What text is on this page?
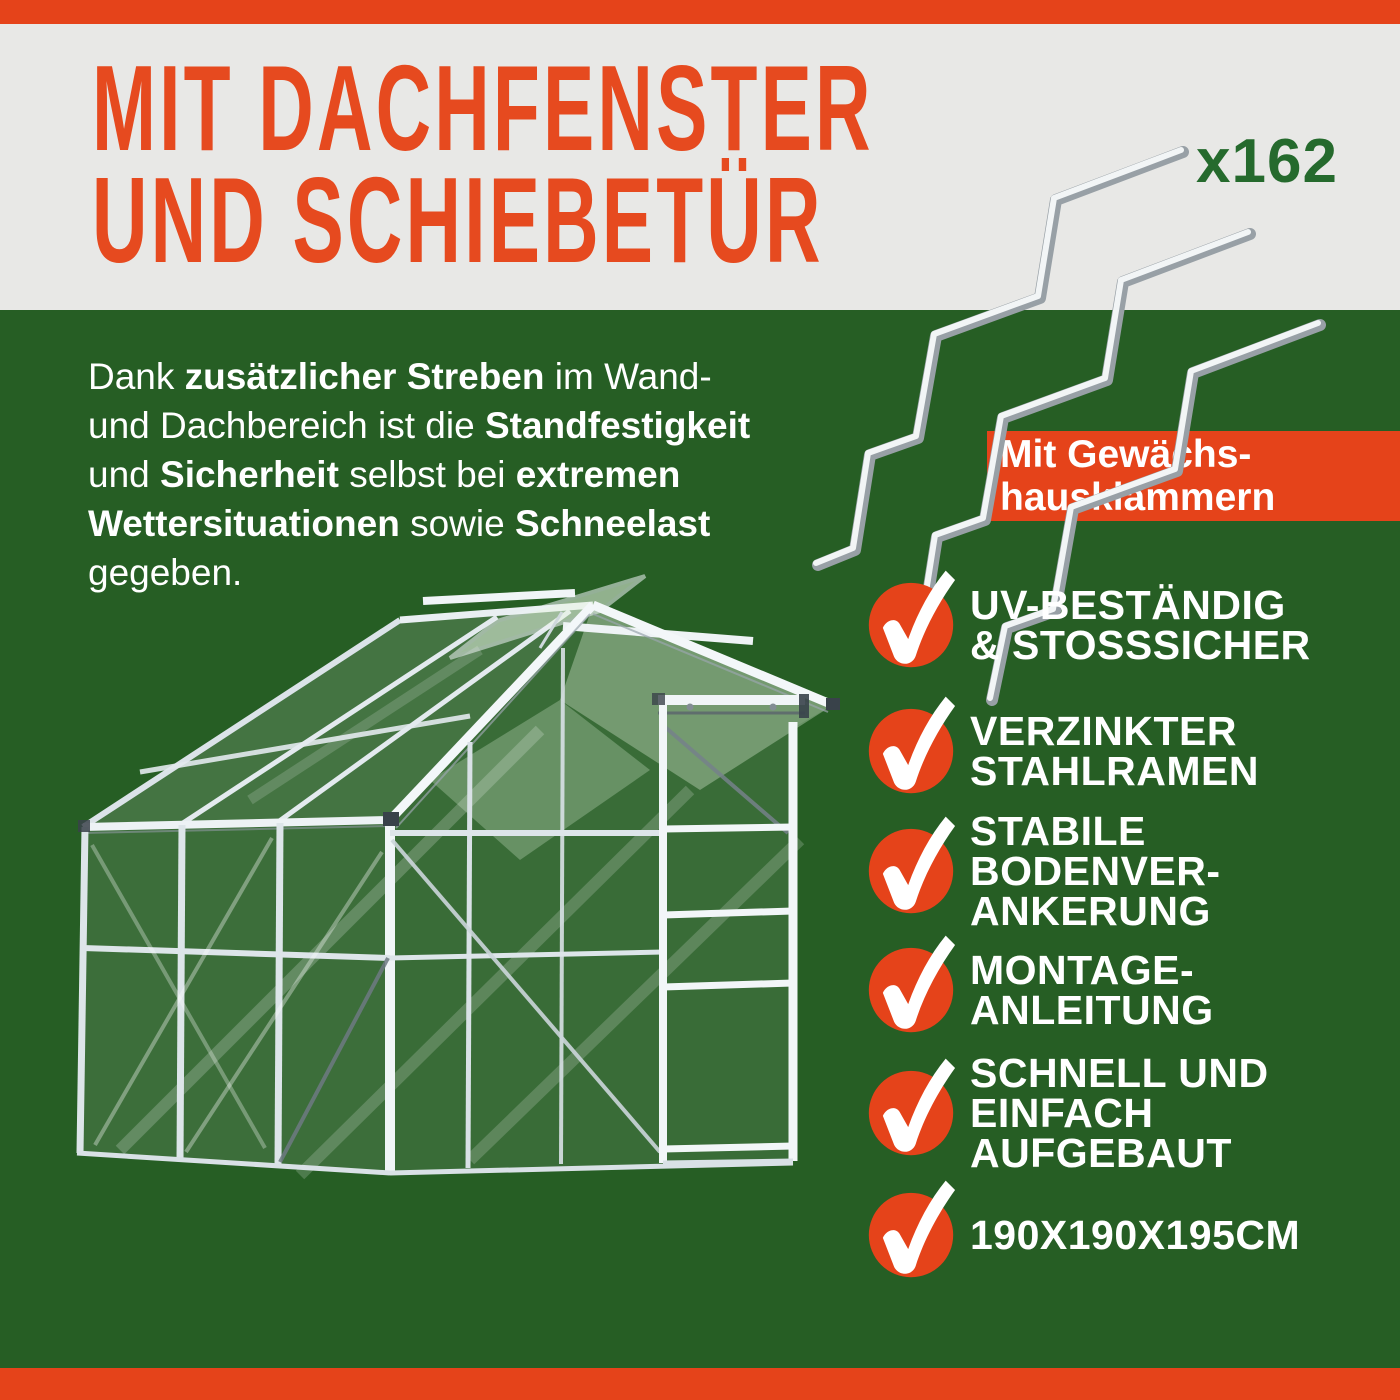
MIT DACHFENSTER
UND SCHIEBETÜR
Mit Gewächs-
hausklammern
x162
Dank zusätzlicher Streben im Wand-
und Dachbereich ist die Standfestigkeit
und Sicherheit selbst bei extremen
Wettersituationen sowie Schneelast
gegeben.
UV-BESTÄNDIG
& STOSSSICHER
VERZINKTER
STAHLRAMEN
STABILE
BODENVER-
ANKERUNG
MONTAGE-
ANLEITUNG
SCHNELL UND
EINFACH
AUFGEBAUT
190X190X195CM
